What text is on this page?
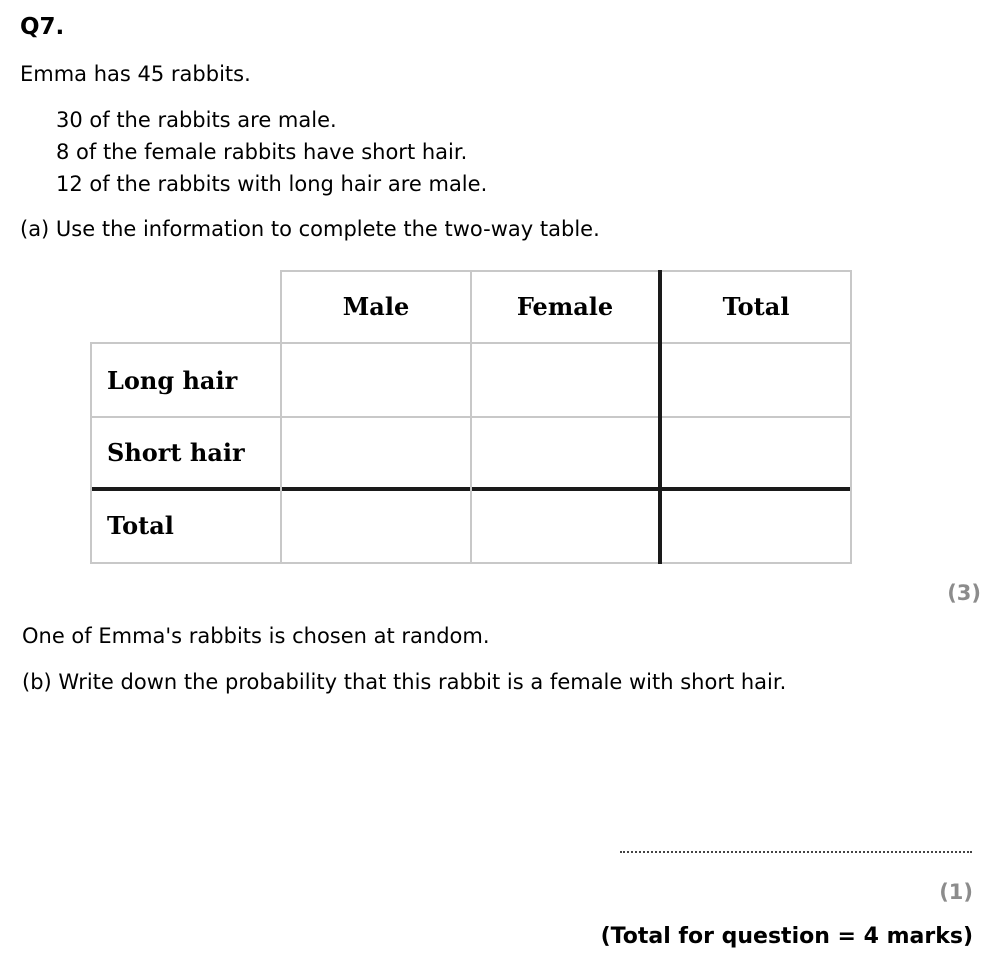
Q7.
Emma has 45 rabbits.
30 of the rabbits are male.
8 of the female rabbits have short hair.
12 of the rabbits with long hair are male.
(a) Use the information to complete the two-way table.
Male	Female	Total
Long hair
Short hair
Total
(3)
One of Emma's rabbits is chosen at random.
(b) Write down the probability that this rabbit is a female with short hair.
(1)
(Total for question = 4 marks)
